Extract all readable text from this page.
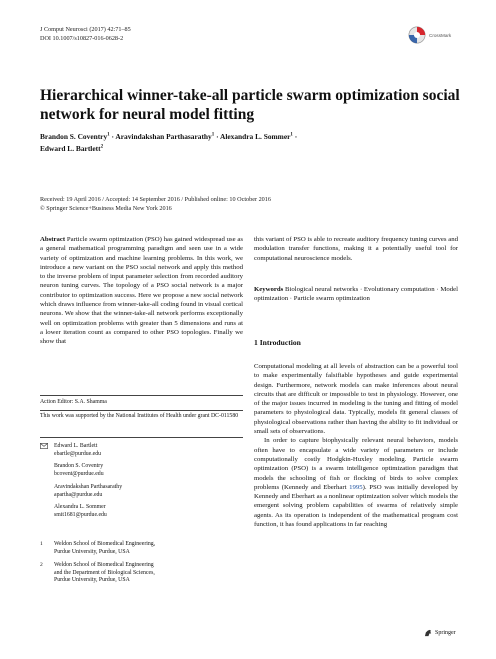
J Comput Neurosci (2017) 42:71–85
DOI 10.1007/s10827-016-0628-2	CrossMark
Hierarchical winner-take-all particle swarm optimization social network for neural model fitting
Brandon S. Coventry$^1$ · Aravindakshan Parthasarathy$^1$ · Alexandra L. Sommer$^1$ ·
Edward L. Bartlett$^2$
Received: 19 April 2016 / Accepted: 14 September 2016 / Published online: 10 October 2016
© Springer Science+Business Media New York 2016

Abstract Particle swarm optimization (PSO) has gained widespread use as a general mathematical programming paradigm and seen use in a wide variety of optimization and machine learning problems. In this work, we introduce a new variant on the PSO social network and apply this method to the inverse problem of input parameter selection from recorded auditory neuron tuning curves. The topology of a PSO social network is a major contributor to optimization success. Here we propose a new social network which draws influence from winner-take-all coding found in visual cortical neurons. We show that the winner-take-all network performs exceptionally well on optimization problems with greater than 5 dimensions and runs at a lower iteration count as compared to other PSO topologies. Finally we show that

Action Editor: S.A. Shamma
This work was supported by the National Institutes of Health under grant DC-011580
Edward L. Bartlett
ebartle@purdue.edu
Brandon S. Coventry
bcovent@purdue.edu
Aravindakshan Parthasarathy
apartha@purdue.edu
Alexandra L. Sommer
smit1681@purdue.edu
1	Weldon School of Biomedical Engineering,
Purdue University, Purdue, USA
2	Weldon School of Biomedical Engineering
and the Department of Biological Sciences,
Purdue University, Purdue, USA
this variant of PSO is able to recreate auditory frequency tuning curves and modulation transfer functions, making it a potentially useful tool for computational neuroscience models.
Keywords Biological neural networks · Evolutionary computation · Model optimization · Particle swarm optimization
1 Introduction

Computational modeling at all levels of abstraction can be a powerful tool to make experimentally falsifiable hypotheses and guide experimental design. Furthermore, network models can make inferences about neural circuits that are difficult or impossible to test in physiology. However, one of the major issues incurred in modeling is the tuning and fitting of model parameters to physiological data. Typically, models fit general classes of physiological observations rather than having the ability to fit individual or small sets of observations.

In order to capture biophysically relevant neural behaviors, models often have to encapsulate a wide variety of parameters or include computationally costly Hodgkin-Huxley modeling. Particle swarm optimization (PSO) is a swarm intelligence optimization paradigm that models the schooling of fish or flocking of birds to solve complex problems (Kennedy and Eberhart 1995). PSO was initially developed by Kennedy and Eberhart as a nonlinear optimization solver which models the emergent solving problem capabilities of swarms of relatively simple agents. As its operation is independent of the mathematical program cost function, it has found applications in far reaching

Springer
